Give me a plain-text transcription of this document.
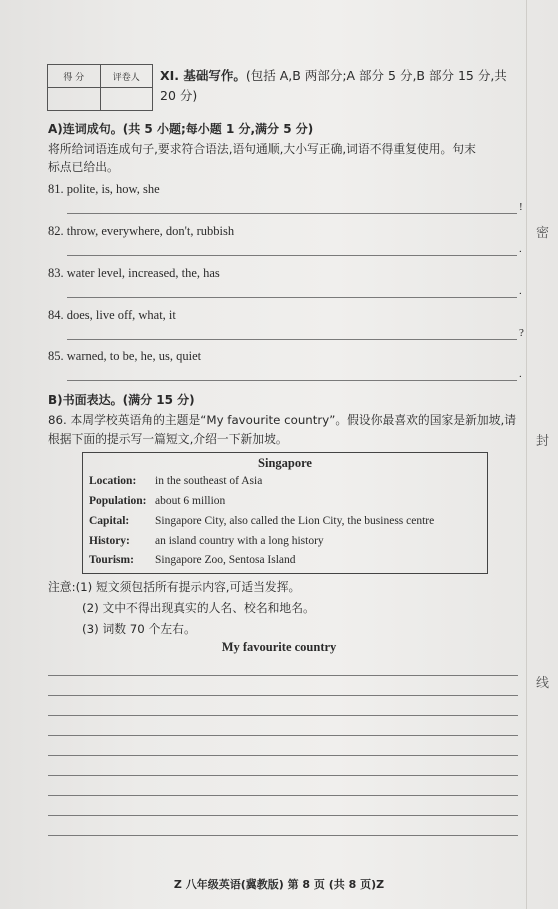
密
封
线
得 分	评卷人
	XI. 基础写作。(包括 A,B 两部分;A 部分 5 分,B 部分 15 分,共
20 分)
A)连词成句。(共 5 小题;每小题 1 分,满分 5 分)
将所给词语连成句子,要求符合语法,语句通顺,大小写正确,词语不得重复使用。句末
标点已给出。
81. polite, is, how, she
!
82. throw, everywhere, don't, rubbish
.
83. water level, increased, the, has
.
84. does, live off, what, it
?
85. warned, to be, he, us, quiet
.
B)书面表达。(满分 15 分)
86. 本周学校英语角的主题是“My favourite country”。假设你最喜欢的国家是新加坡,请
根据下面的提示写一篇短文,介绍一下新加坡。
Singapore
Location: in the southeast of Asia
Population: about 6 million
Capital: Singapore City, also called the Lion City, the business centre
History: an island country with a long history
Tourism: Singapore Zoo, Sentosa Island
注意:(1) 短文须包括所有提示内容,可适当发挥。
(2) 文中不得出现真实的人名、校名和地名。
(3) 词数 70 个左右。
My favourite country
Z 八年级英语(冀教版) 第 8 页 (共 8 页)Z
